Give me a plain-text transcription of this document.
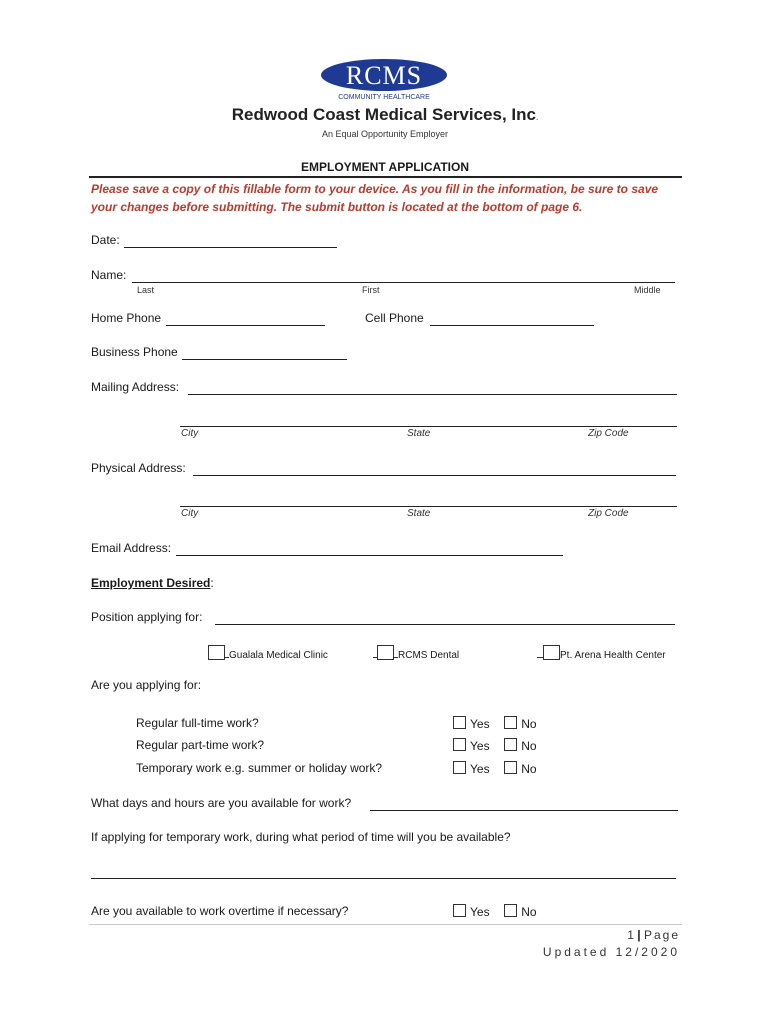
RCMS
COMMUNITY HEALTHCARE
Redwood Coast Medical Services, Inc.
An Equal Opportunity Employer
EMPLOYMENT APPLICATION
Please save a copy of this fillable form to your device. As you fill in the information, be sure to save your changes before submitting. The submit button is located at the bottom of page 6.
Date:
Name:
Last	First	Middle
Home Phone	Cell Phone
Business Phone
Mailing Address:
City	State	Zip Code
Physical Address:
City	State	Zip Code
Email Address:
Employment Desired:
Position applying for:
Gualala Medical Clinic	RCMS Dental	Pt. Arena Health Center
Are you applying for:
Regular full-time work?	Yes	No
Regular part-time work?	Yes	No
Temporary work e.g. summer or holiday work?	Yes	No
What days and hours are you available for work?
If applying for temporary work, during what period of time will you be available?
Are you available to work overtime if necessary?	Yes	No
1 | Page
Updated 12/2020
